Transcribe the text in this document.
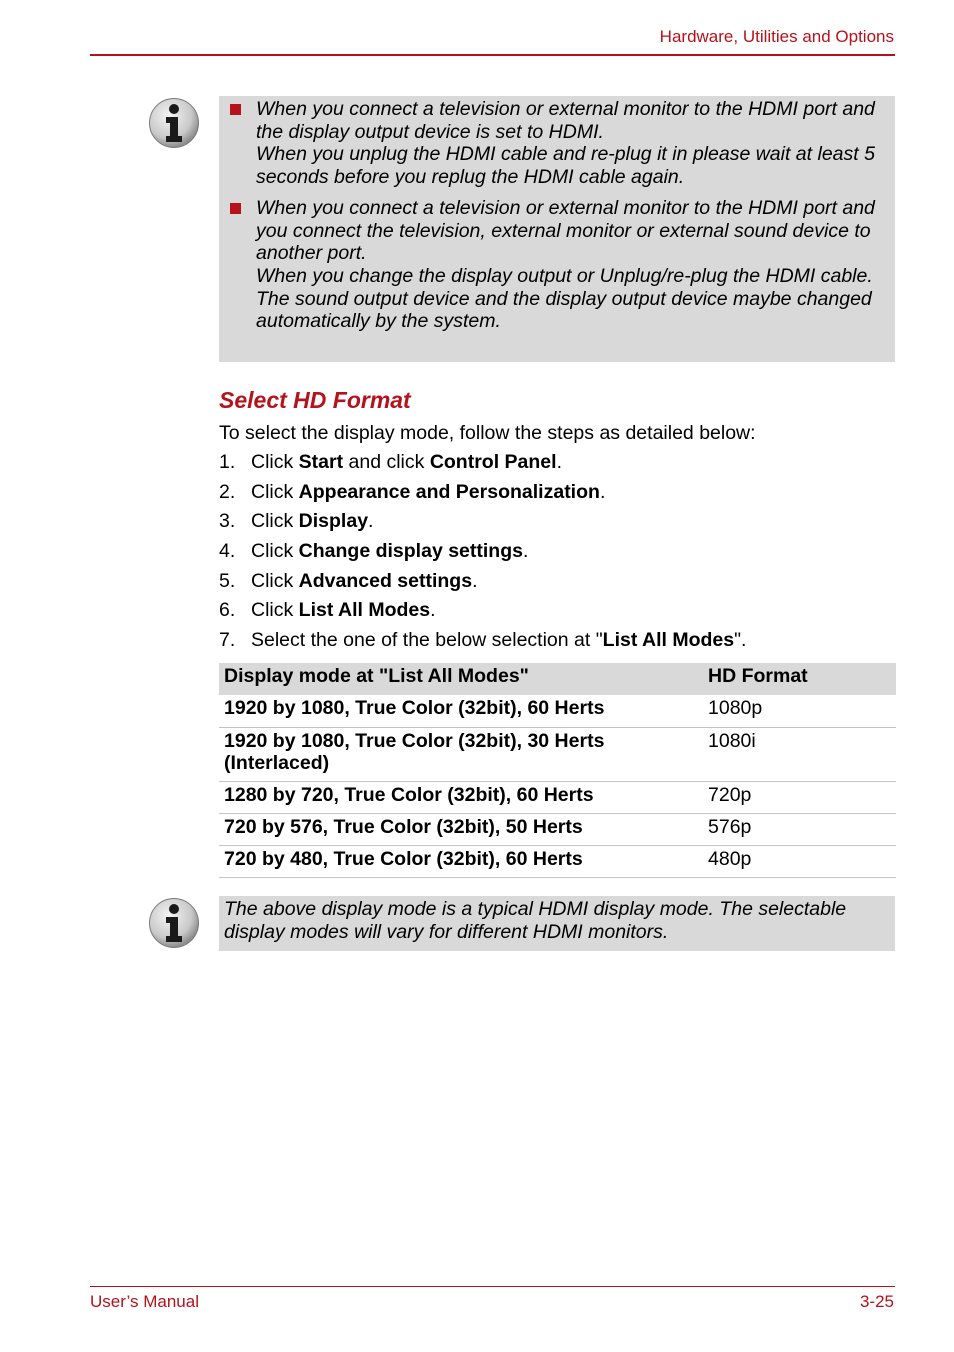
Hardware, Utilities and Options

When you connect a television or external monitor to the HDMI port and the display output device is set to HDMI.

When you unplug the HDMI cable and re-plug it in please wait at least 5 seconds before you replug the HDMI cable again.

When you connect a television or external monitor to the HDMI port and you connect the television, external monitor or external sound device to another port.

When you change the display output or Unplug/re-plug the HDMI cable.

The sound output device and the display output device maybe changed automatically by the system.

Select HD Format

To select the display mode, follow the steps as detailed below:

1. Click Start and click Control Panel.
2. Click Appearance and Personalization.
3. Click Display.
4. Click Change display settings.
5. Click Advanced settings.
6. Click List All Modes.
7. Select the one of the below selection at "List All Modes".
Display mode at "List All Modes"	HD Format
1920 by 1080, True Color (32bit), 60 Herts	1080p
1920 by 1080, True Color (32bit), 30 Herts (Interlaced)	1080i
1280 by 720, True Color (32bit), 60 Herts	720p
720 by 576, True Color (32bit), 50 Herts	576p
720 by 480, True Color (32bit), 60 Herts	480p
The above display mode is a typical HDMI display mode. The selectable display modes will vary for different HDMI monitors.
User’s Manual	3-25
